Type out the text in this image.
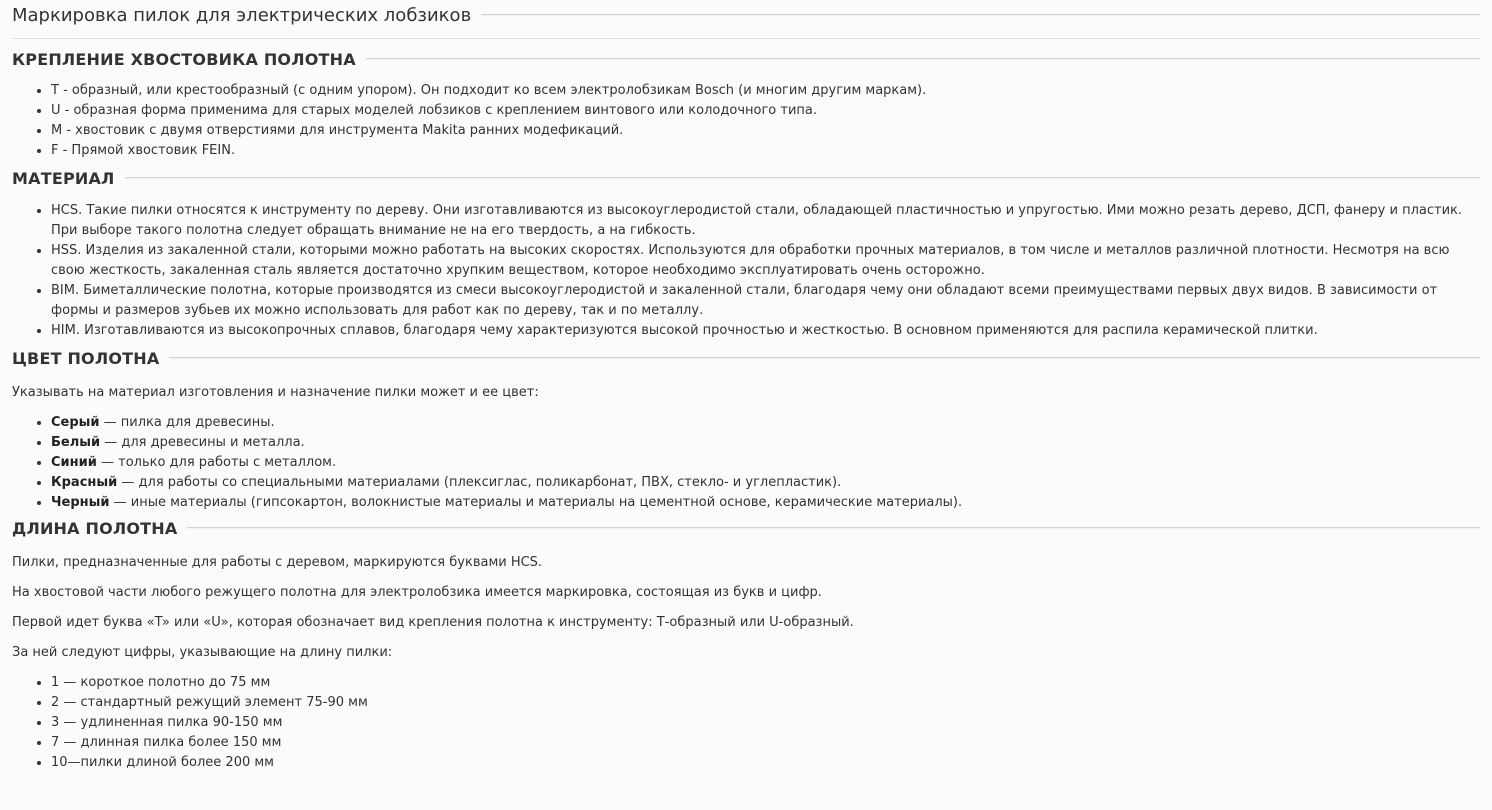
Маркировка пилок для электрических лобзиков
КРЕПЛЕНИЕ ХВОСТОВИКА ПОЛОТНА
• T - образный, или крестообразный (с одним упором). Он подходит ко всем электролобзикам Bosch (и многим другим маркам).
• U - образная форма применима для старых моделей лобзиков с креплением винтового или колодочного типа.
• M - хвостовик с двумя отверстиями для инструмента Makita ранних модефикаций.
• F - Прямой хвостовик FEIN.
МАТЕРИАЛ
• HCS. Такие пилки относятся к инструменту по дереву. Они изготавливаются из высокоуглеродистой стали, обладающей пластичностью и упругостью. Ими можно резать дерево, ДСП, фанеру и пластик. При выборе такого полотна следует обращать внимание не на его твердость, а на гибкость.
• HSS. Изделия из закаленной стали, которыми можно работать на высоких скоростях. Используются для обработки прочных материалов, в том числе и металлов различной плотности. Несмотря на всю свою жесткость, закаленная сталь является достаточно хрупким веществом, которое необходимо эксплуатировать очень осторожно.
• BIM. Биметаллические полотна, которые производятся из смеси высокоуглеродистой и закаленной стали, благодаря чему они обладают всеми преимуществами первых двух видов. В зависимости от формы и размеров зубьев их можно использовать для работ как по дереву, так и по металлу.
• HIM. Изготавливаются из высокопрочных сплавов, благодаря чему характеризуются высокой прочностью и жесткостью. В основном применяются для распила керамической плитки.
ЦВЕТ ПОЛОТНА

Указывать на материал изготовления и назначение пилки может и ее цвет:

• Серый — пилка для древесины.
• Белый — для древесины и металла.
• Синий — только для работы с металлом.
• Красный — для работы со специальными материалами (плексиглас, поликарбонат, ПВХ, стекло- и углепластик).
• Черный — иные материалы (гипсокартон, волокнистые материалы и материалы на цементной основе, керамические материалы).
ДЛИНА ПОЛОТНА

Пилки, предназначенные для работы с деревом, маркируются буквами HCS.

На хвостовой части любого режущего полотна для электролобзика имеется маркировка, состоящая из букв и цифр.

Первой идет буква «T» или «U», которая обозначает вид крепления полотна к инструменту: Т-образный или U-образный.

За ней следуют цифры, указывающие на длину пилки:

• 1 — короткое полотно до 75 мм
• 2 — стандартный режущий элемент 75-90 мм
• 3 — удлиненная пилка 90-150 мм
• 7 — длинная пилка более 150 мм
• 10—пилки длиной более 200 мм
